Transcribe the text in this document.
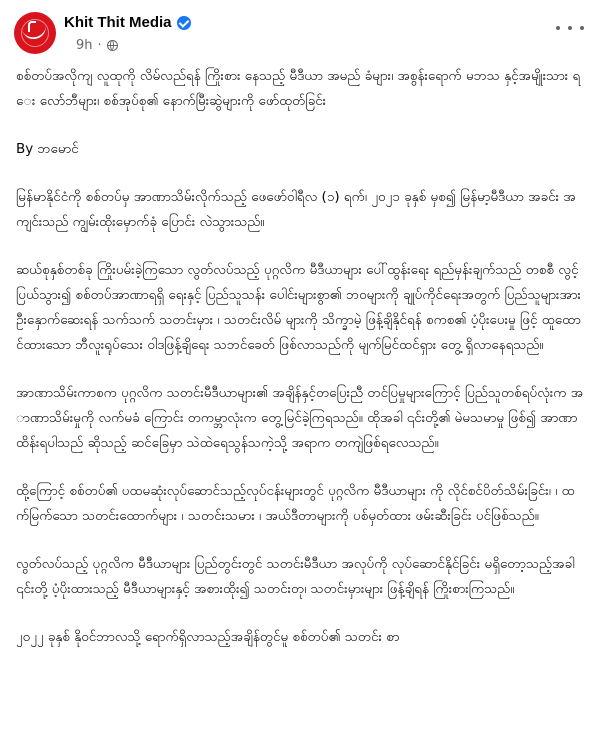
Khit Thit Media
9h ·

စစ်တပ်အလိုကျ လူထုကို လိမ်လည်ရန် ကြိုးစား နေသည့် မီဒီယာ အမည် ခံများ၊ အစွန်းရောက် မဘသ နှင့်အမျိုးသား ရေး လော်ဘီများ၊ စစ်အုပ်စု၏ နောက်မြီးဆွဲများကို ဖော်ထုတ်ခြင်း

By ဘမောင်

မြန်မာနိုင်ငံကို စစ်တပ်မှ အာဏာသိမ်းလိုက်သည့် ဖေဖော်ဝါရီလ (၁) ရက်၊ ၂၀၂၁ ခုနှစ် မှစ၍ မြန်မာ့မီဒီယာ အခင်း အကျင်းသည် ကျွမ်းထိုးမှောက်ခုံ ပြောင်း လဲသွားသည်။

ဆယ်စုနှစ်တစ်ခု ကြိုးပမ်းခဲ့ကြသော လွတ်လပ်သည့် ပုဂ္ဂလိက မီဒီယာများ ပေါ်ထွန်းရေး ရည်မှန်းချက်သည် တစစီ လွင့်ပြယ်သွား၍ စစ်တပ်အာဏာရရှိ ရေးနှင့် ပြည်သူသန်း ပေါင်းများစွာ၏ ဘဝများကို ချုပ်ကိုင်ရေးအတွက် ပြည်သူများအား ဦးနှောက်ဆေးရန် သက်သက် သတင်းမှား ၊ သတင်းလိမ် များကို သိက္ခာမဲ့ ဖြန့်ချိနိုင်ရန် စကစ၏ ပံ့ပိုးပေးမှု ဖြင့် ထူထောင်ထားသော ဘီလူးရုပ်သေး ဝါဒဖြန့်ချိရေး သဘင်ခေတ် ဖြစ်လာသည်ကို မျက်မြင်ထင်ရှား တွေ့ ရှိလာနေရသည်။

အာဏာသိမ်းကာစက ပုဂ္ဂလိက သတင်းမီဒီယာများ၏ အချိန်နှင့်တပြေးညီ တင်ပြမှုများကြောင့် ပြည်သူတစ်ရပ်လုံးက အာဏာသိမ်းမှုကို လက်မခံ ကြောင်း တကမ္ဘာလုံးက တွေ့မြင်ခဲ့ကြရသည်။ ထိုအခါ ၎င်းတို့၏ မဲမသမာမှု ဖြစ်၍ အာဏာ ထိန်းရပါသည် ဆိုသည့် ဆင်ခြေမှာ သဲထဲရေသွန်သကဲ့သို့ အရာက တကျဲဖြစ်ရလေသည်။

ထို့ကြောင့် စစ်တပ်၏ ပထမဆုံးလုပ်ဆောင်သည့်လုပ်ငန်းများတွင် ပုဂ္ဂလိက မီဒီယာများ ကို လိုင်စင်ပိတ်သိမ်းခြင်း၊ ၊ ထက်မြက်သော သတင်းထောက်များ ၊ သတင်းသမား ၊ အယ်ဒီတာများကို ပစ်မှတ်ထား ဖမ်းဆီးခြင်း ပင်ဖြစ်သည်။

လွတ်လပ်သည့် ပုဂ္ဂလိက မီဒီယာများ ပြည်တွင်းတွင် သတင်းမီဒီယာ အလုပ်ကို လုပ်ဆောင်နိုင်ခြင်း မရှိတော့သည့်အခါ ၎င်းတို့ ပံ့ပိုးထားသည့် မီဒီယာများနှင့် အစားထိုး၍ သတင်းတု၊ သတင်းမှားများ ဖြန့်ချိရန် ကြိုးစားကြသည်။

၂၀၂၂ ခုနှစ် နိုဝင်ဘာလသို့ ရောက်ရှိလာသည့်အချိန်တွင်မူ စစ်တပ်၏ သတင်း စာ
